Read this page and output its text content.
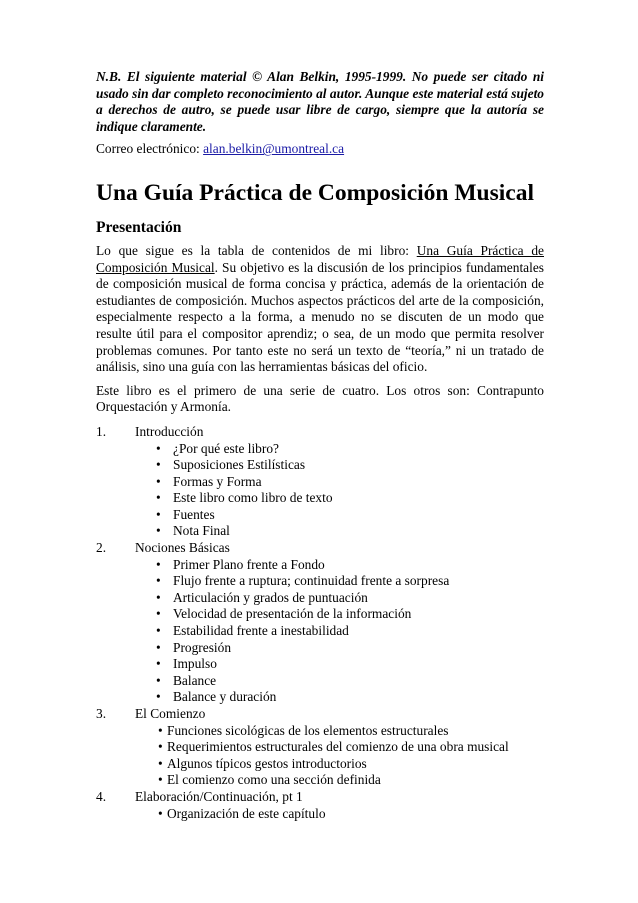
N.B. El siguiente material © Alan Belkin, 1995-1999. No puede ser citado ni usado sin dar completo reconocimiento al autor. Aunque este material está sujeto a derechos de autro, se puede usar libre de cargo, siempre que la autoría se indique claramente.

Correo electrónico: alan.belkin@umontreal.ca

Una Guía Práctica de Composición Musical
Presentación

Lo que sigue es la tabla de contenidos de mi libro: Una Guía Práctica de Composición Musical. Su objetivo es la discusión de los principios fundamentales de composición musical de forma concisa y práctica, además de la orientación de estudiantes de composición. Muchos aspectos prácticos del arte de la composición, especialmente respecto a la forma, a menudo no se discuten de un modo que resulte útil para el compositor aprendiz; o sea, de un modo que permita resolver problemas comunes. Por tanto este no será un texto de “teoría,” ni un tratado de análisis, sino una guía con las herramientas básicas del oficio.

Este libro es el primero de una serie de cuatro. Los otros son: Contrapunto Orquestación y Armonía.

1.	Introducción
• ¿Por qué este libro?
• Suposiciones Estilísticas
• Formas y Forma
• Este libro como libro de texto
• Fuentes
• Nota Final
2.	Nociones Básicas
• Primer Plano frente a Fondo
• Flujo frente a ruptura; continuidad frente a sorpresa
• Articulación y grados de puntuación
• Velocidad de presentación de la información
• Estabilidad frente a inestabilidad
• Progresión
• Impulso
• Balance
• Balance y duración
3.	El Comienzo
• Funciones sicológicas de los elementos estructurales
• Requerimientos estructurales del comienzo de una obra musical
• Algunos típicos gestos introductorios
• El comienzo como una sección definida
4.	Elaboración/Continuación, pt 1
• Organización de este capítulo
